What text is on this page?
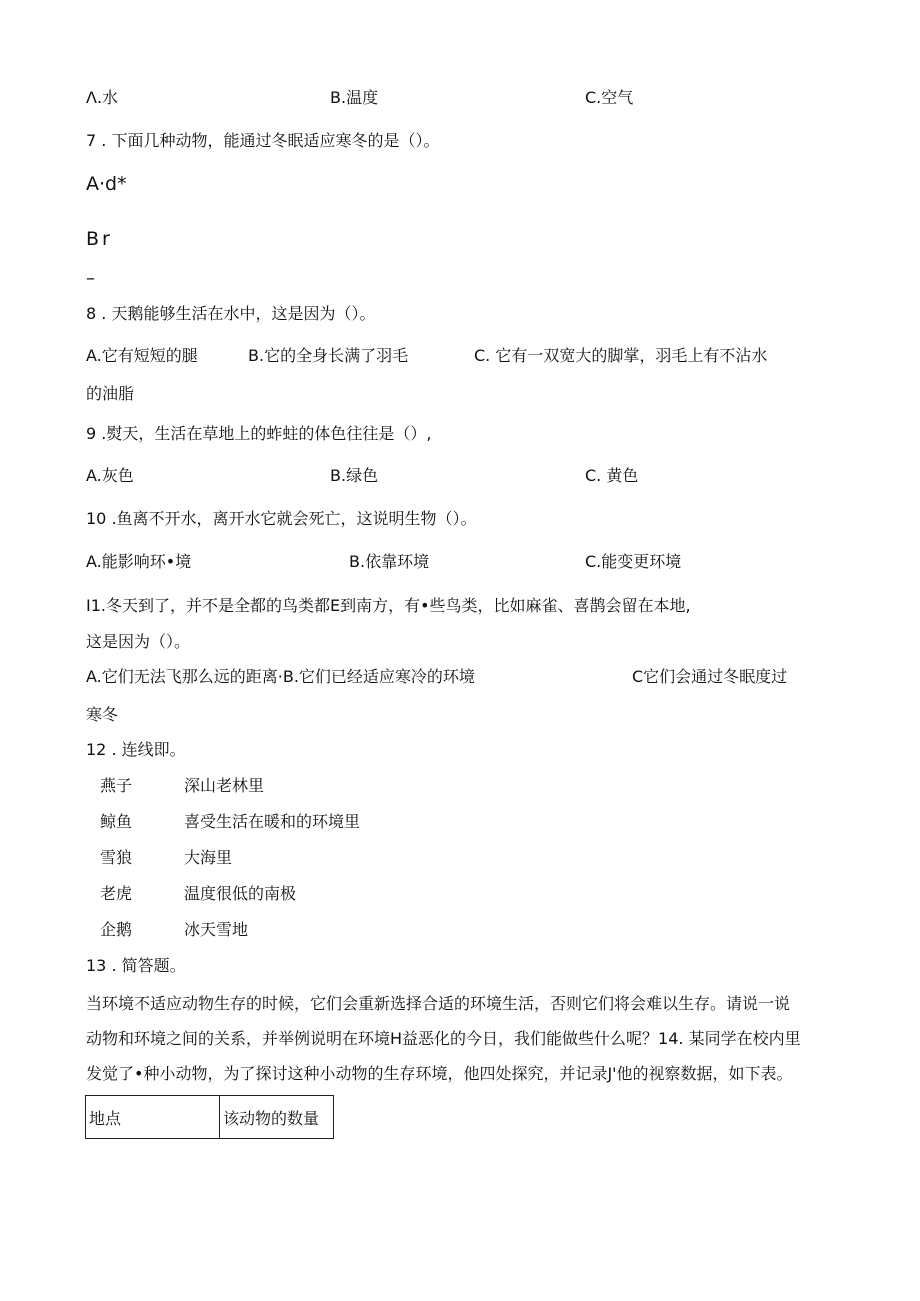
Λ.水	B.温度	C.空气
7 . 下面几种动物，能通过冬眠适应寒冬的是（）。
A·d*
Br
–
8 . 天鹅能够生活在水中，这是因为（）。
A.它有短短的腿	B.它的全身长满了羽毛	C. 它有一双宽大的脚掌，羽毛上有不沾水
的油脂
9 .熨天，生活在草地上的蚱蛀的体色往往是（）,
A.灰色	B.绿色	C. 黄色
10 .鱼离不开水，离开水它就会死亡，这说明生物（）。
A.能影响环•境	B.依靠环境	C.能变更环境
I1.冬天到了，并不是全都的鸟类都E到南方，有•些鸟类，比如麻雀、喜鹊会留在本地,
这是因为（）。
A.它们无法飞那么远的距离·B.它们已经适应寒冷的环境	C它们会通过冬眠度过
寒冬
12 . 连线即。
燕子	深山老林里
鲸鱼	喜受生活在暖和的环境里
雪狼	大海里
老虎	温度很低的南极
企鹅	冰天雪地
13 . 简答题。
当环境不适应动物生存的时候，它们会重新选择合适的环境生活，否则它们将会难以生存。请说一说
动物和环境之间的关系，并举例说明在环境H益恶化的今日，我们能做些什么呢？14. 某同学在校内里
发觉了•种小动物，为了探讨这种小动物的生存环境，他四处探究，并记录J'他的视察数据，如下表。
地点	该动物的数量
